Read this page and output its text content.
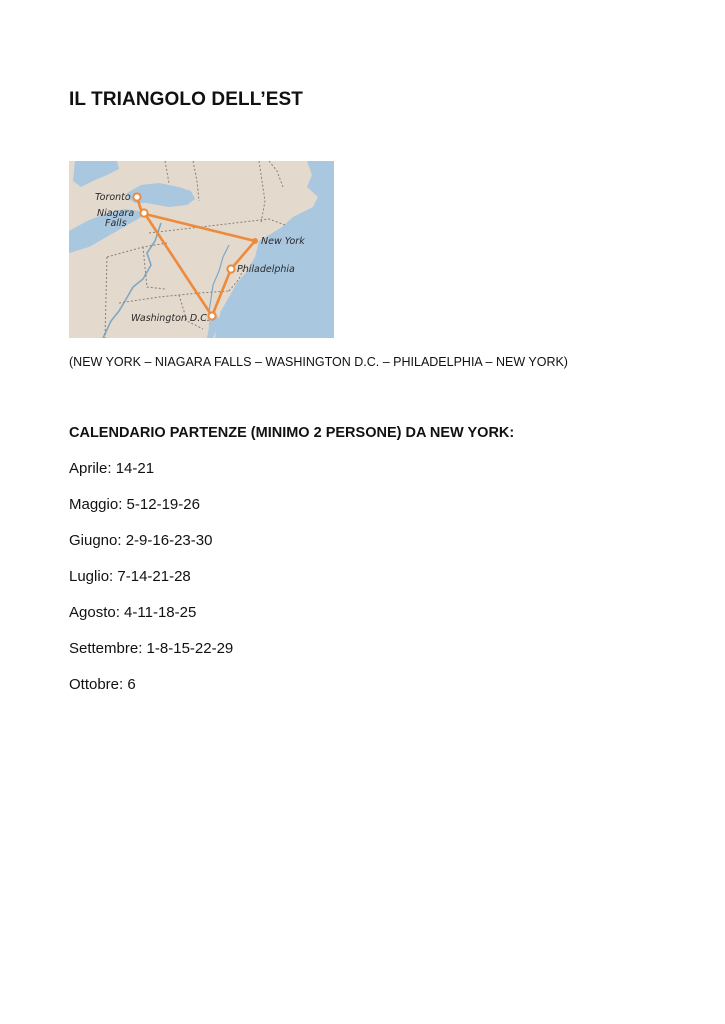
IL TRIANGOLO DELL’EST
Toronto
Niagara
Falls
New York
Philadelphia
Washington D.C.
(NEW YORK – NIAGARA FALLS – WASHINGTON D.C. – PHILADELPHIA – NEW YORK)
CALENDARIO PARTENZE (MINIMO 2 PERSONE) DA NEW YORK:
Aprile: 14-21
Maggio: 5-12-19-26
Giugno: 2-9-16-23-30
Luglio: 7-14-21-28
Agosto: 4-11-18-25
Settembre: 1-8-15-22-29
Ottobre: 6
